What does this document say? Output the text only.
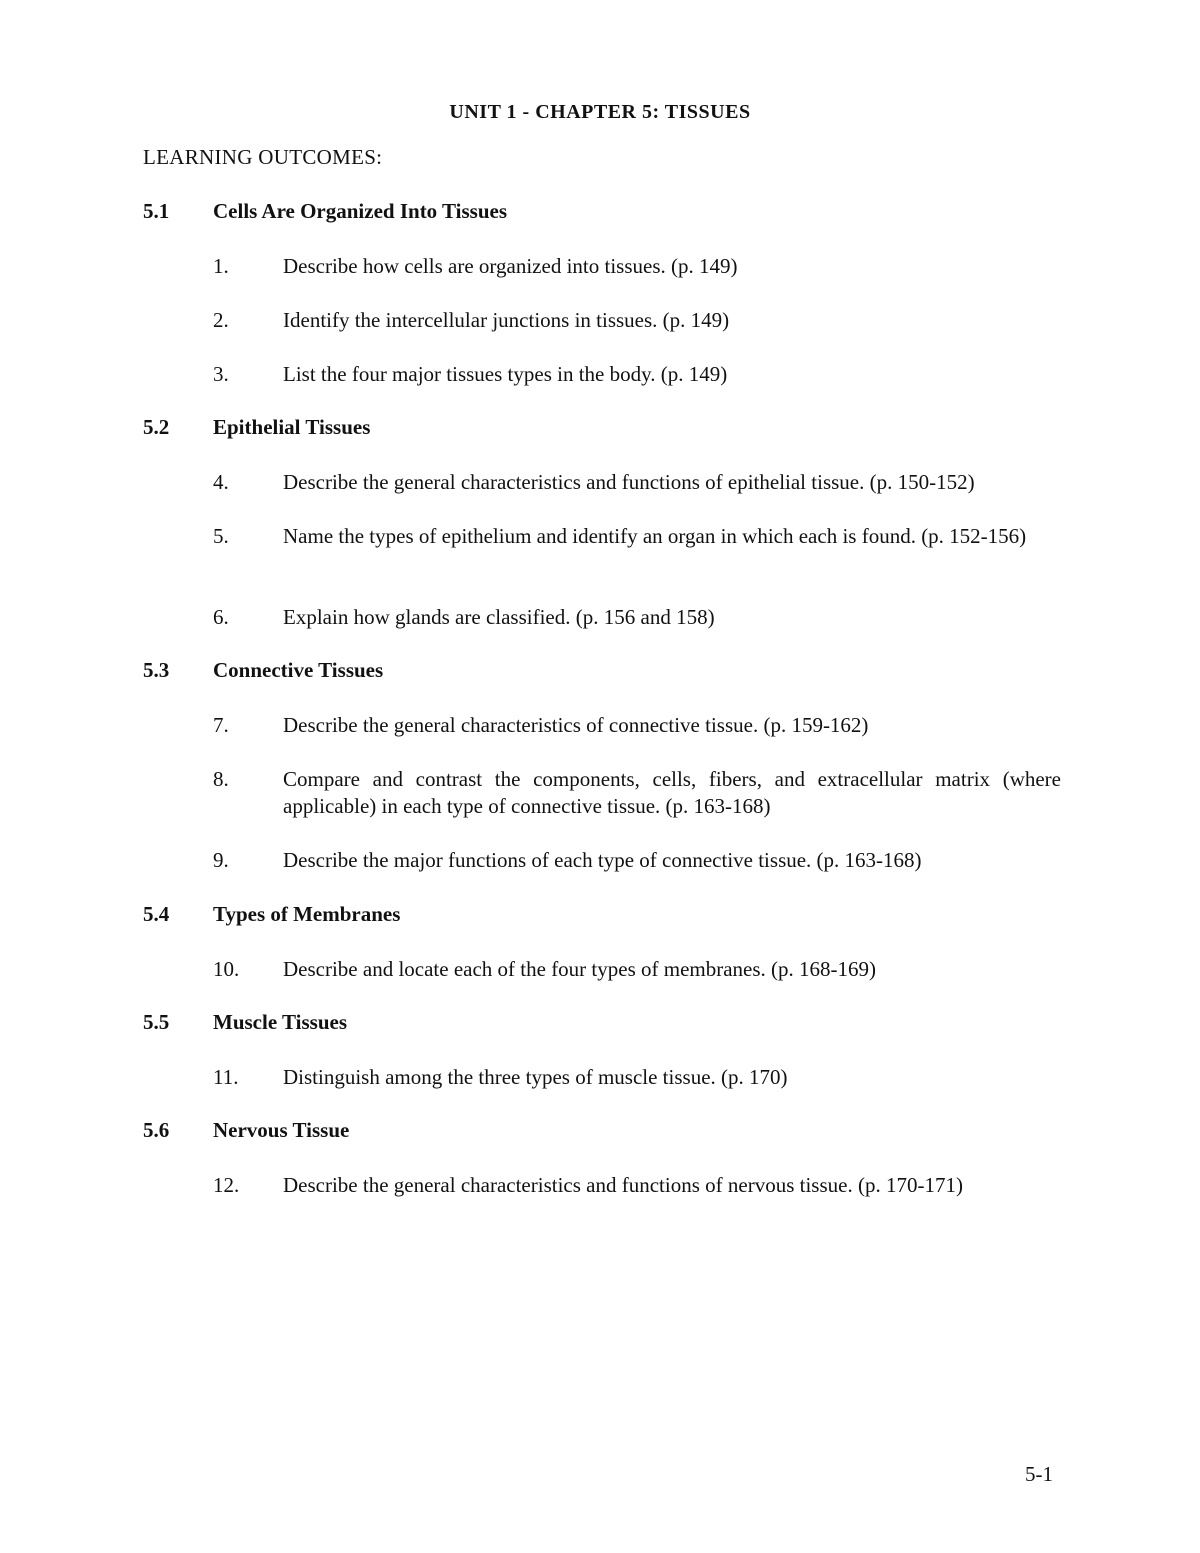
UNIT 1 - CHAPTER 5: TISSUES
LEARNING OUTCOMES:
5.1 Cells Are Organized Into Tissues
1.	Describe how cells are organized into tissues. (p. 149)
2.	Identify the intercellular junctions in tissues. (p. 149)
3.	List the four major tissues types in the body. (p. 149)
5.2 Epithelial Tissues
4.	Describe the general characteristics and functions of epithelial tissue. (p. 150-152)
5.	Name the types of epithelium and identify an organ in which each is found. (p. 152-156)
6.	Explain how glands are classified. (p. 156 and 158)
5.3 Connective Tissues
7.	Describe the general characteristics of connective tissue. (p. 159-162)
8.	Compare and contrast the components, cells, fibers, and extracellular matrix (where applicable) in each type of connective tissue. (p. 163-168)
9.	Describe the major functions of each type of connective tissue. (p. 163-168)
5.4 Types of Membranes
10. Describe and locate each of the four types of membranes. (p. 168-169)
5.5 Muscle Tissues
11. Distinguish among the three types of muscle tissue. (p. 170)
5.6 Nervous Tissue
12. Describe the general characteristics and functions of nervous tissue. (p. 170-171)
5-1
